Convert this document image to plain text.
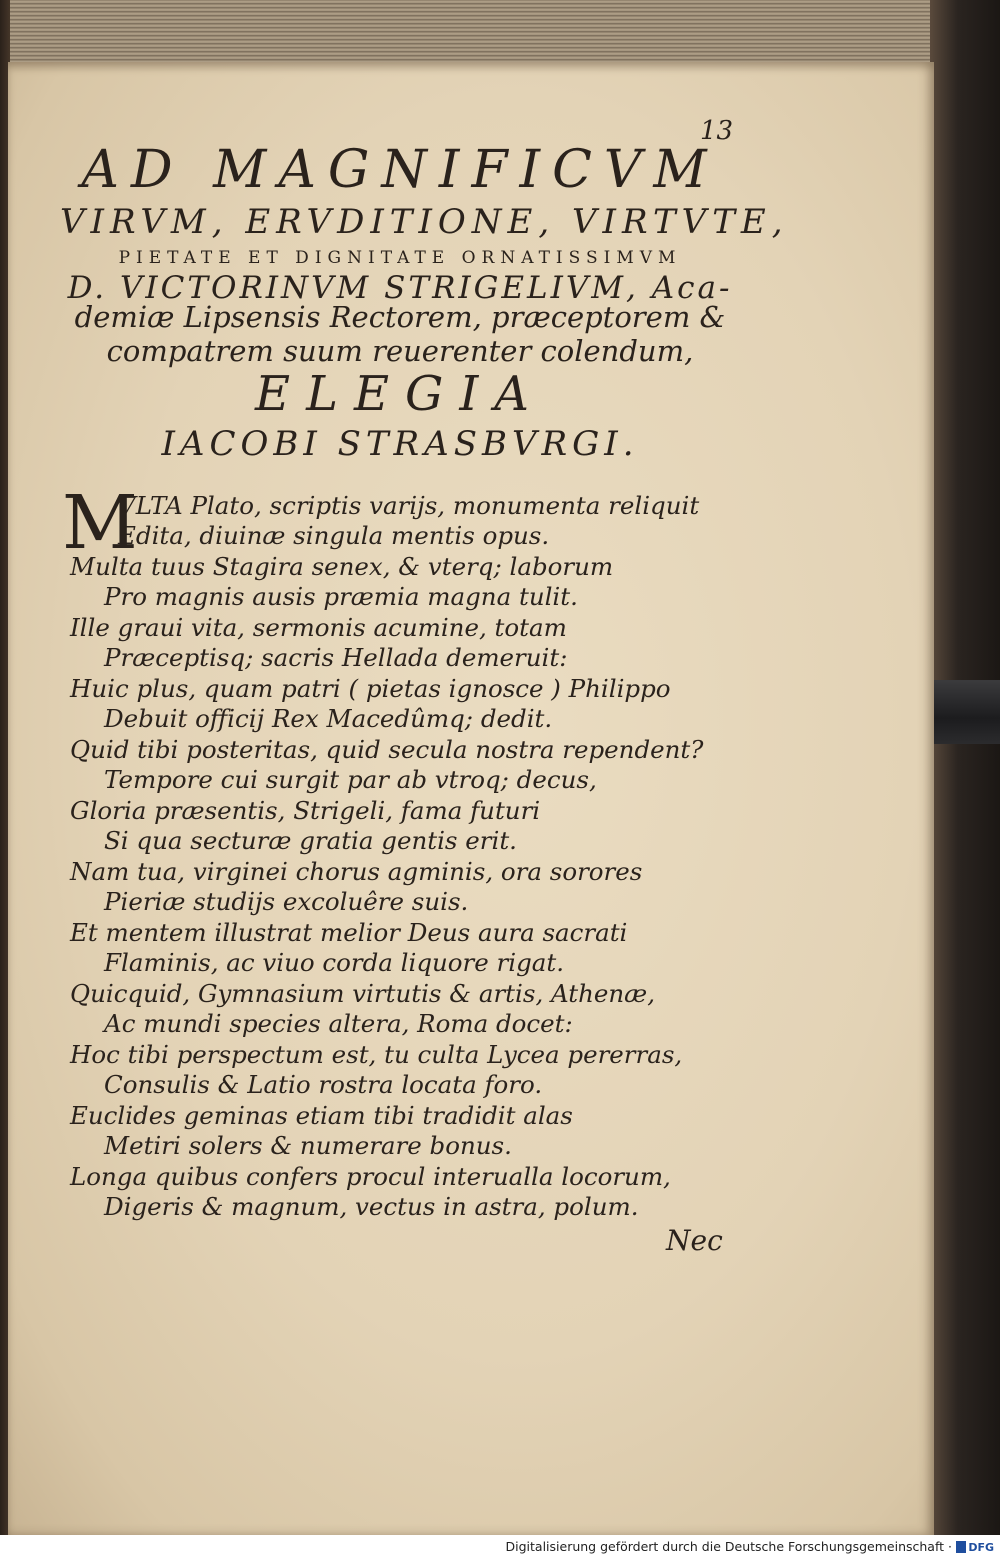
13
AD MAGNIFICVM
VIRVM, ERVDITIONE, VIRTVTE,
PIETATE ET DIGNITATE ORNATISSIMVM
D. VICTORINVM STRIGELIVM, Aca-
demiæ Lipsensis Rectorem, præceptorem &
compatrem suum reuerenter colendum,
ELEGIA
IACOBI STRASBVRGI.
M
VLTA Plato, scriptis varijs, monumenta reliquit
Edita, diuinæ singula mentis opus.
Multa tuus Stagira senex, & vterq; laborum
Pro magnis ausis præmia magna tulit.
Ille graui vita, sermonis acumine, totam
Præceptisq; sacris Hellada demeruit:
Huic plus, quam patri ( pietas ignosce ) Philippo
Debuit officij Rex Macedûmq; dedit.
Quid tibi posteritas, quid secula nostra rependent?
Tempore cui surgit par ab vtroq; decus,
Gloria præsentis, Strigeli, fama futuri
Si qua secturæ gratia gentis erit.
Nam tua, virginei chorus agminis, ora sorores
Pieriæ studijs excoluêre suis.
Et mentem illustrat melior Deus aura sacrati
Flaminis, ac viuo corda liquore rigat.
Quicquid, Gymnasium virtutis & artis, Athenæ,
Ac mundi species altera, Roma docet:
Hoc tibi perspectum est, tu culta Lycea pererras,
Consulis & Latio rostra locata foro.
Euclides geminas etiam tibi tradidit alas
Metiri solers & numerare bonus.
Longa quibus confers procul interualla locorum,
Digeris & magnum, vectus in astra, polum.
Nec
Digitalisierung gefördert durch die Deutsche Forschungsgemeinschaft · DFG
